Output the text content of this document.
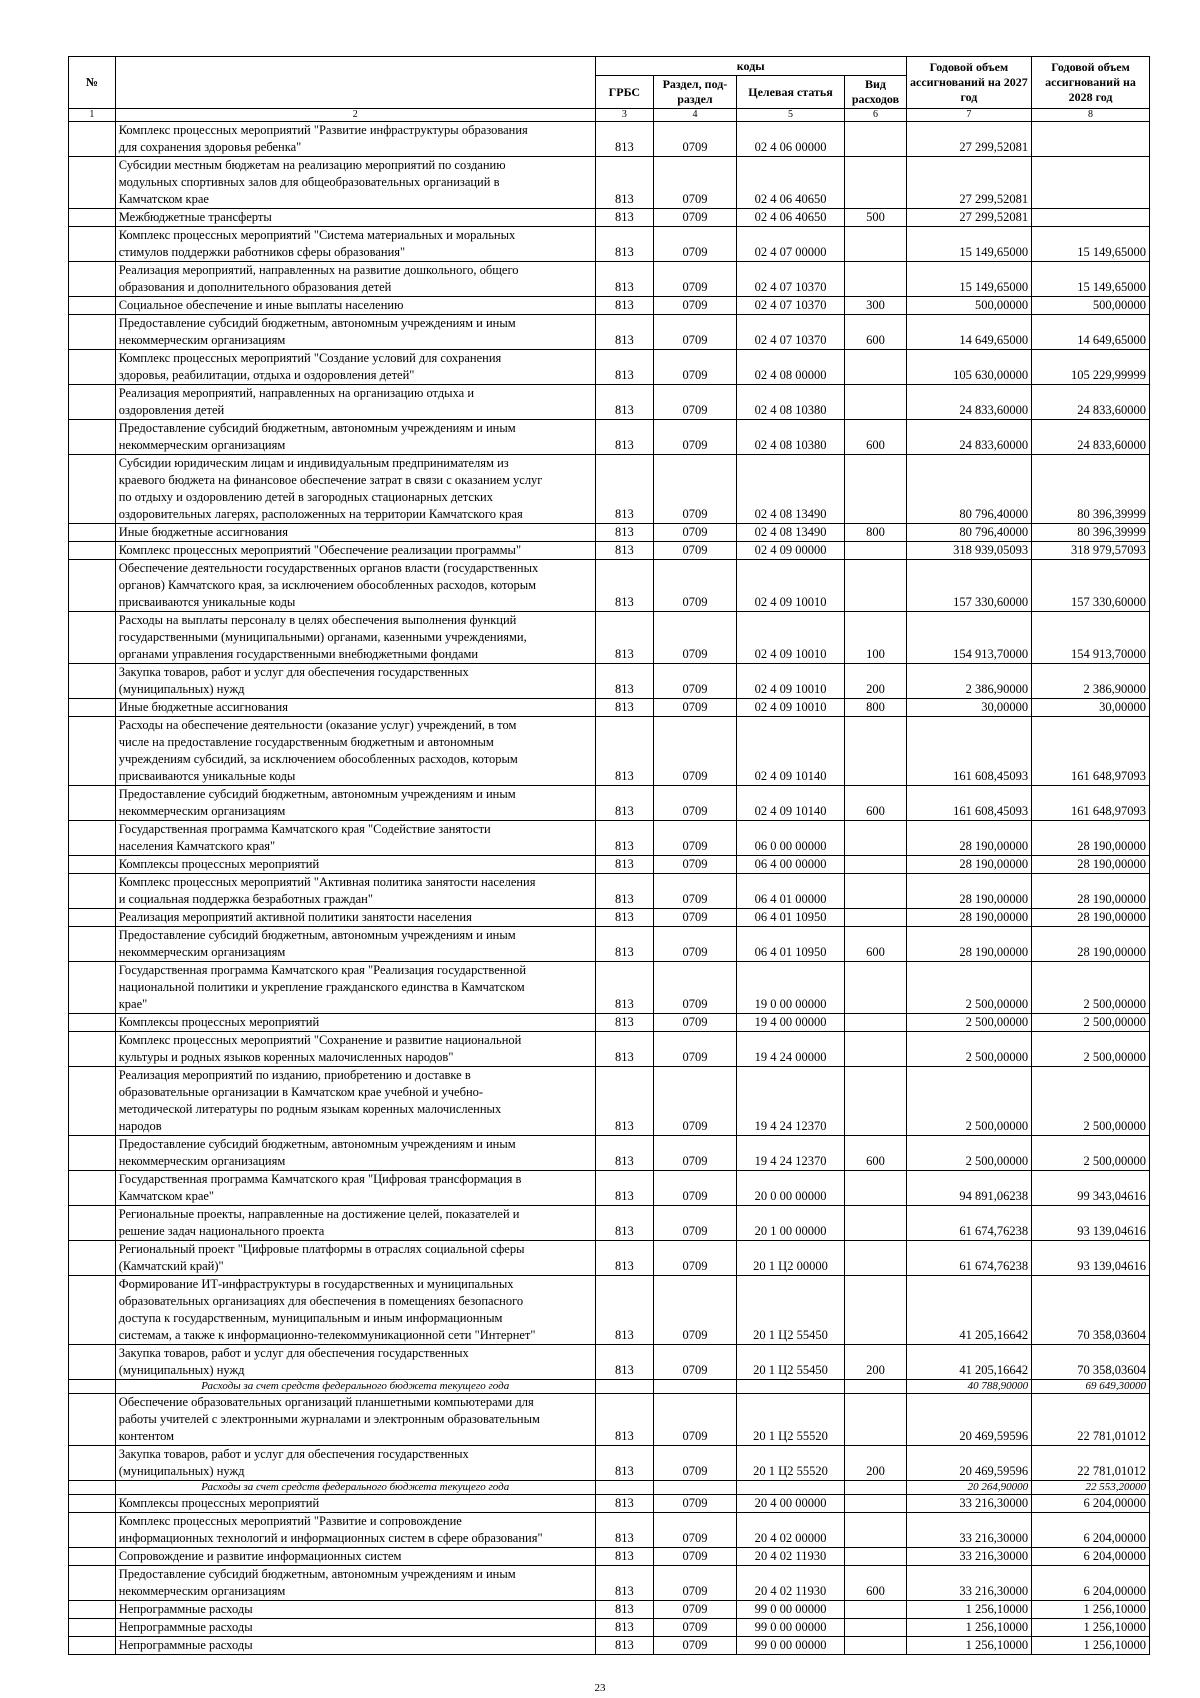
№		коды				Годовой объем ассигнований на 2027 год	Годовой объем ассигнований на 2028 год
		ГРБС	Раздел, под-раздел	Целевая статья	Вид расходов		
1	2	3	4	5	6	7	8
	Комплекс процессных мероприятий "Развитие инфраструктуры образования
для сохранения здоровья ребенка"	813	0709	02 4 06 00000		27 299,52081	
	Субсидии местным бюджетам на реализацию мероприятий по созданию
модульных спортивных залов для общеобразовательных организаций в
Камчатском крае	813	0709	02 4 06 40650		27 299,52081	
	Межбюджетные трансферты	813	0709	02 4 06 40650	500	27 299,52081	
	Комплекс процессных мероприятий "Система материальных и моральных
стимулов поддержки работников сферы образования"	813	0709	02 4 07 00000		15 149,65000	15 149,65000
	Реализация мероприятий, направленных на развитие дошкольного, общего
образования и дополнительного образования детей	813	0709	02 4 07 10370		15 149,65000	15 149,65000
	Социальное обеспечение и иные выплаты населению	813	0709	02 4 07 10370	300	500,00000	500,00000
	Предоставление субсидий бюджетным, автономным учреждениям и иным
некоммерческим организациям	813	0709	02 4 07 10370	600	14 649,65000	14 649,65000
	Комплекс процессных мероприятий "Создание условий для сохранения
здоровья, реабилитации, отдыха и оздоровления детей"	813	0709	02 4 08 00000		105 630,00000	105 229,99999
	Реализация мероприятий, направленных на организацию отдыха и
оздоровления детей	813	0709	02 4 08 10380		24 833,60000	24 833,60000
	Предоставление субсидий бюджетным, автономным учреждениям и иным
некоммерческим организациям	813	0709	02 4 08 10380	600	24 833,60000	24 833,60000
	Субсидии юридическим лицам и индивидуальным предпринимателям из
краевого бюджета на финансовое обеспечение затрат в связи с оказанием услуг
по отдыху и оздоровлению детей в загородных стационарных детских
оздоровительных лагерях, расположенных на территории Камчатского края	813	0709	02 4 08 13490		80 796,40000	80 396,39999
	Иные бюджетные ассигнования	813	0709	02 4 08 13490	800	80 796,40000	80 396,39999
	Комплекс процессных мероприятий "Обеспечение реализации программы"	813	0709	02 4 09 00000		318 939,05093	318 979,57093
	Обеспечение деятельности государственных органов власти (государственных
органов) Камчатского края, за исключением обособленных расходов, которым
присваиваются уникальные коды	813	0709	02 4 09 10010		157 330,60000	157 330,60000
	Расходы на выплаты персоналу в целях обеспечения выполнения функций
государственными (муниципальными) органами, казенными учреждениями,
органами управления государственными внебюджетными фондами	813	0709	02 4 09 10010	100	154 913,70000	154 913,70000
	Закупка товаров, работ и услуг для обеспечения государственных
(муниципальных) нужд	813	0709	02 4 09 10010	200	2 386,90000	2 386,90000
	Иные бюджетные ассигнования	813	0709	02 4 09 10010	800	30,00000	30,00000
	Расходы на обеспечение деятельности (оказание услуг) учреждений, в том
числе на предоставление государственным бюджетным и автономным
учреждениям субсидий, за исключением обособленных расходов, которым
присваиваются уникальные коды	813	0709	02 4 09 10140		161 608,45093	161 648,97093
	Предоставление субсидий бюджетным, автономным учреждениям и иным
некоммерческим организациям	813	0709	02 4 09 10140	600	161 608,45093	161 648,97093
	Государственная программа Камчатского края "Содействие занятости
населения Камчатского края"	813	0709	06 0 00 00000		28 190,00000	28 190,00000
	Комплексы процессных мероприятий	813	0709	06 4 00 00000		28 190,00000	28 190,00000
	Комплекс процессных мероприятий "Активная политика занятости населения
и социальная поддержка безработных граждан"	813	0709	06 4 01 00000		28 190,00000	28 190,00000
	Реализация мероприятий активной политики занятости населения	813	0709	06 4 01 10950		28 190,00000	28 190,00000
	Предоставление субсидий бюджетным, автономным учреждениям и иным
некоммерческим организациям	813	0709	06 4 01 10950	600	28 190,00000	28 190,00000
	Государственная программа Камчатского края "Реализация государственной
национальной политики и укрепление гражданского единства в Камчатском
крае"	813	0709	19 0 00 00000		2 500,00000	2 500,00000
	Комплексы процессных мероприятий	813	0709	19 4 00 00000		2 500,00000	2 500,00000
	Комплекс процессных мероприятий "Сохранение и развитие национальной
культуры и родных языков коренных малочисленных народов"	813	0709	19 4 24 00000		2 500,00000	2 500,00000
	Реализация мероприятий по изданию, приобретению и доставке в
образовательные организации в Камчатском крае учебной и учебно-
методической литературы по родным языкам коренных малочисленных
народов	813	0709	19 4 24 12370		2 500,00000	2 500,00000
	Предоставление субсидий бюджетным, автономным учреждениям и иным
некоммерческим организациям	813	0709	19 4 24 12370	600	2 500,00000	2 500,00000
	Государственная программа Камчатского края "Цифровая трансформация в
Камчатском крае"	813	0709	20 0 00 00000		94 891,06238	99 343,04616
	Региональные проекты, направленные на достижение целей, показателей и
решение задач национального проекта	813	0709	20 1 00 00000		61 674,76238	93 139,04616
	Региональный проект "Цифровые платформы в отраслях социальной сферы
(Камчатский край)"	813	0709	20 1 Ц2 00000		61 674,76238	93 139,04616
	Формирование ИТ-инфраструктуры в государственных и муниципальных
образовательных организациях для обеспечения в помещениях безопасного
доступа к государственным, муниципальным и иным информационным
системам, а также к информационно-телекоммуникационной сети "Интернет"	813	0709	20 1 Ц2 55450		41 205,16642	70 358,03604
	Закупка товаров, работ и услуг для обеспечения государственных
(муниципальных) нужд	813	0709	20 1 Ц2 55450	200	41 205,16642	70 358,03604
	Расходы за счет средств федерального бюджета текущего года					40 788,90000	69 649,30000
	Обеспечение образовательных организаций планшетными компьютерами для
работы учителей с электронными журналами и электронным образовательным
контентом	813	0709	20 1 Ц2 55520		20 469,59596	22 781,01012
	Закупка товаров, работ и услуг для обеспечения государственных
(муниципальных) нужд	813	0709	20 1 Ц2 55520	200	20 469,59596	22 781,01012
	Расходы за счет средств федерального бюджета текущего года					20 264,90000	22 553,20000
	Комплексы процессных мероприятий	813	0709	20 4 00 00000		33 216,30000	6 204,00000
	Комплекс процессных мероприятий "Развитие и сопровождение
информационных технологий и информационных систем в сфере образования"	813	0709	20 4 02 00000		33 216,30000	6 204,00000
	Сопровождение и развитие информационных систем	813	0709	20 4 02 11930		33 216,30000	6 204,00000
	Предоставление субсидий бюджетным, автономным учреждениям и иным
некоммерческим организациям	813	0709	20 4 02 11930	600	33 216,30000	6 204,00000
	Непрограммные расходы	813	0709	99 0 00 00000		1 256,10000	1 256,10000
	Непрограммные расходы	813	0709	99 0 00 00000		1 256,10000	1 256,10000
	Непрограммные расходы	813	0709	99 0 00 00000		1 256,10000	1 256,10000
23
